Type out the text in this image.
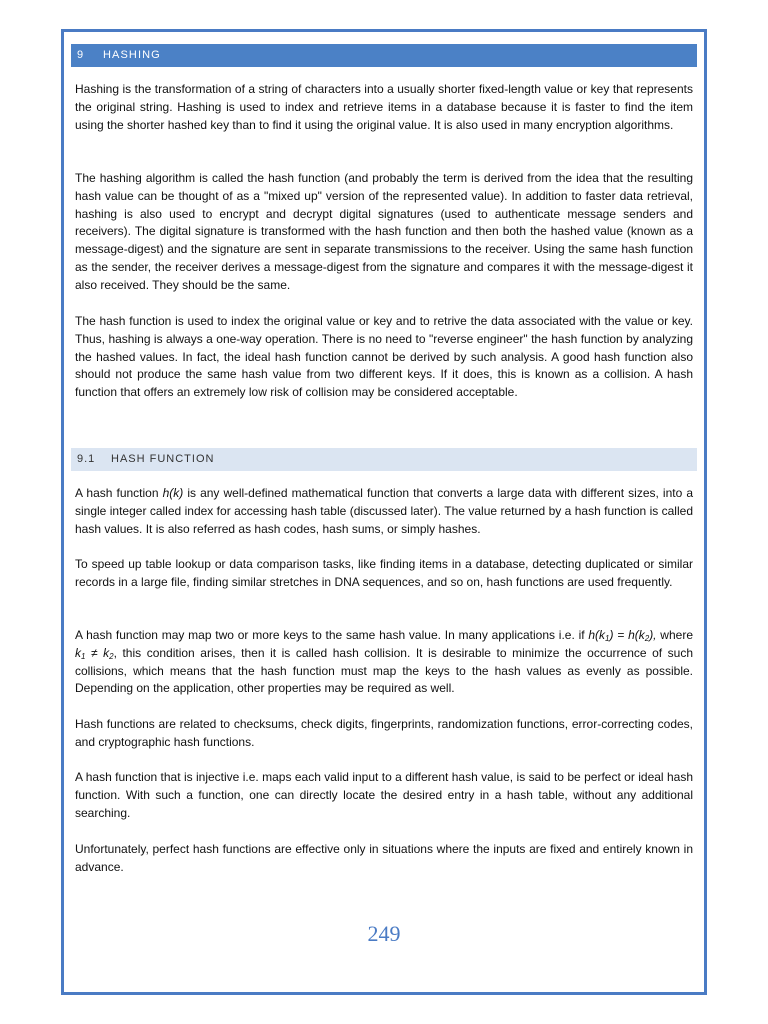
9 HASHING

Hashing is the transformation of a string of characters into a usually shorter fixed-length value or key that represents the original string. Hashing is used to index and retrieve items in a database because it is faster to find the item using the shorter hashed key than to find it using the original value. It is also used in many encryption algorithms.

The hashing algorithm is called the hash function (and probably the term is derived from the idea that the resulting hash value can be thought of as a "mixed up" version of the represented value). In addition to faster data retrieval, hashing is also used to encrypt and decrypt digital signatures (used to authenticate message senders and receivers). The digital signature is transformed with the hash function and then both the hashed value (known as a message-digest) and the signature are sent in separate transmissions to the receiver. Using the same hash function as the sender, the receiver derives a message-digest from the signature and compares it with the message-digest it also received. They should be the same.

The hash function is used to index the original value or key and to retrive the data associated with the value or key. Thus, hashing is always a one-way operation. There is no need to "reverse engineer" the hash function by analyzing the hashed values. In fact, the ideal hash function cannot be derived by such analysis. A good hash function also should not produce the same hash value from two different keys. If it does, this is known as a collision. A hash function that offers an extremely low risk of collision may be considered acceptable.

9.1 HASH FUNCTION

A hash function h(k) is any well-defined mathematical function that converts a large data with different sizes, into a single integer called index for accessing hash table (discussed later). The value returned by a hash function is called hash values. It is also referred as hash codes, hash sums, or simply hashes.

To speed up table lookup or data comparison tasks, like finding items in a database, detecting duplicated or similar records in a large file, finding similar stretches in DNA sequences, and so on, hash functions are used frequently.

A hash function may map two or more keys to the same hash value. In many applications i.e. if $h(k_1) = h(k_2)$, where $k_1 \ne k_2$, this condition arises, then it is called hash collision. It is desirable to minimize the occurrence of such collisions, which means that the hash function must map the keys to the hash values as evenly as possible. Depending on the application, other properties may be required as well.

Hash functions are related to checksums, check digits, fingerprints, randomization functions, error-correcting codes, and cryptographic hash functions.

A hash function that is injective i.e. maps each valid input to a different hash value, is said to be perfect or ideal hash function. With such a function, one can directly locate the desired entry in a hash table, without any additional searching.

Unfortunately, perfect hash functions are effective only in situations where the inputs are fixed and entirely known in advance.

249
